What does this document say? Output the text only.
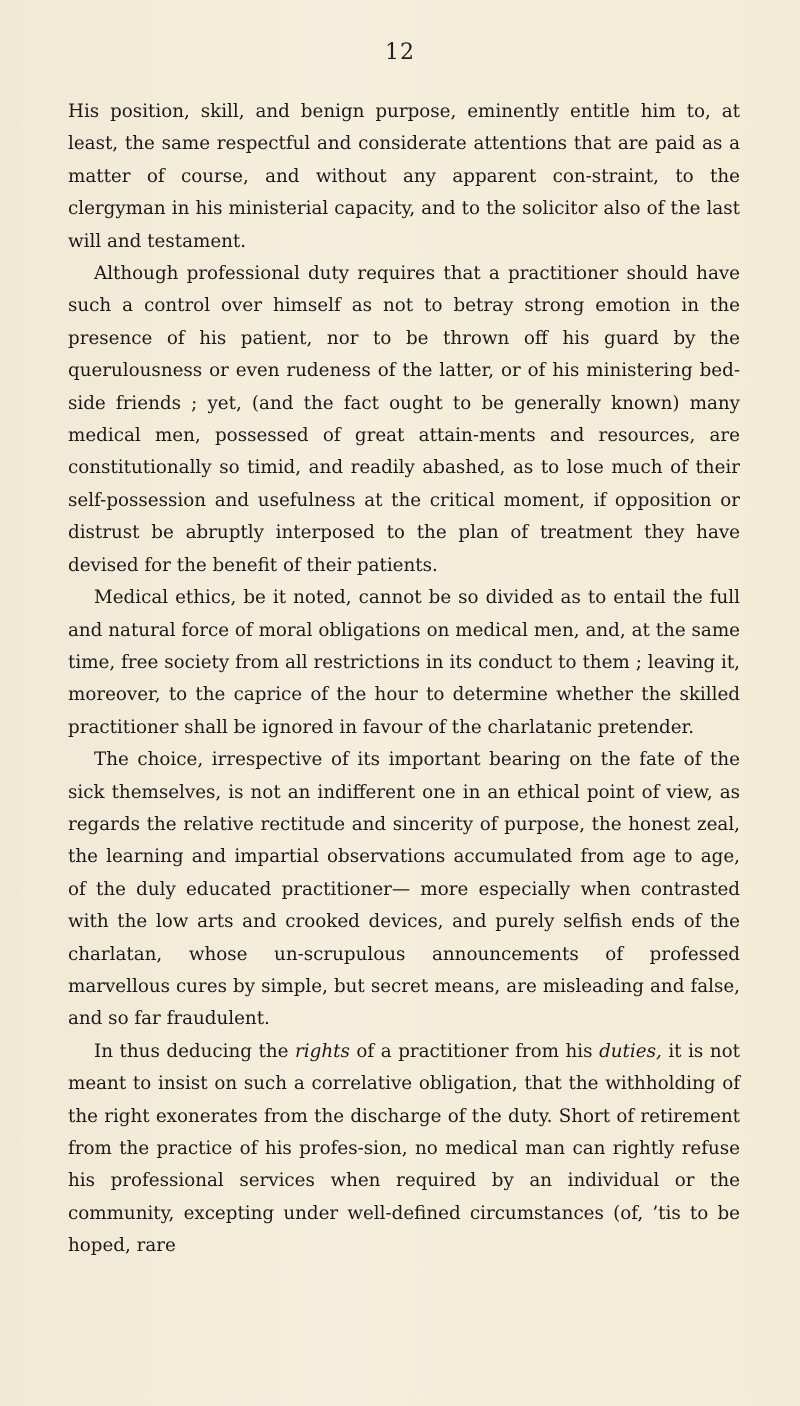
12

His position, skill, and benign purpose, eminently entitle him to, at least, the same respectful and considerate attentions that are paid as a matter of course, and without any apparent con-straint, to the clergyman in his ministerial capacity, and to the solicitor also of the last will and testament.

Although professional duty requires that a practitioner should have such a control over himself as not to betray strong emotion in the presence of his patient, nor to be thrown off his guard by the querulousness or even rudeness of the latter, or of his ministering bed-side friends ; yet, (and the fact ought to be generally known) many medical men, possessed of great attain-ments and resources, are constitutionally so timid, and readily abashed, as to lose much of their self-possession and usefulness at the critical moment, if opposition or distrust be abruptly interposed to the plan of treatment they have devised for the benefit of their patients.

Medical ethics, be it noted, cannot be so divided as to entail the full and natural force of moral obligations on medical men, and, at the same time, free society from all restrictions in its conduct to them ; leaving it, moreover, to the caprice of the hour to determine whether the skilled practitioner shall be ignored in favour of the charlatanic pretender.

The choice, irrespective of its important bearing on the fate of the sick themselves, is not an indifferent one in an ethical point of view, as regards the relative rectitude and sincerity of purpose, the honest zeal, the learning and impartial observations accumulated from age to age, of the duly educated practitioner— more especially when contrasted with the low arts and crooked devices, and purely selfish ends of the charlatan, whose un-scrupulous announcements of professed marvellous cures by simple, but secret means, are misleading and false, and so far fraudulent.

In thus deducing the rights of a practitioner from his duties, it is not meant to insist on such a correlative obligation, that the withholding of the right exonerates from the discharge of the duty. Short of retirement from the practice of his profes-sion, no medical man can rightly refuse his professional services when required by an individual or the community, excepting under well-defined circumstances (of, ’tis to be hoped, rare
